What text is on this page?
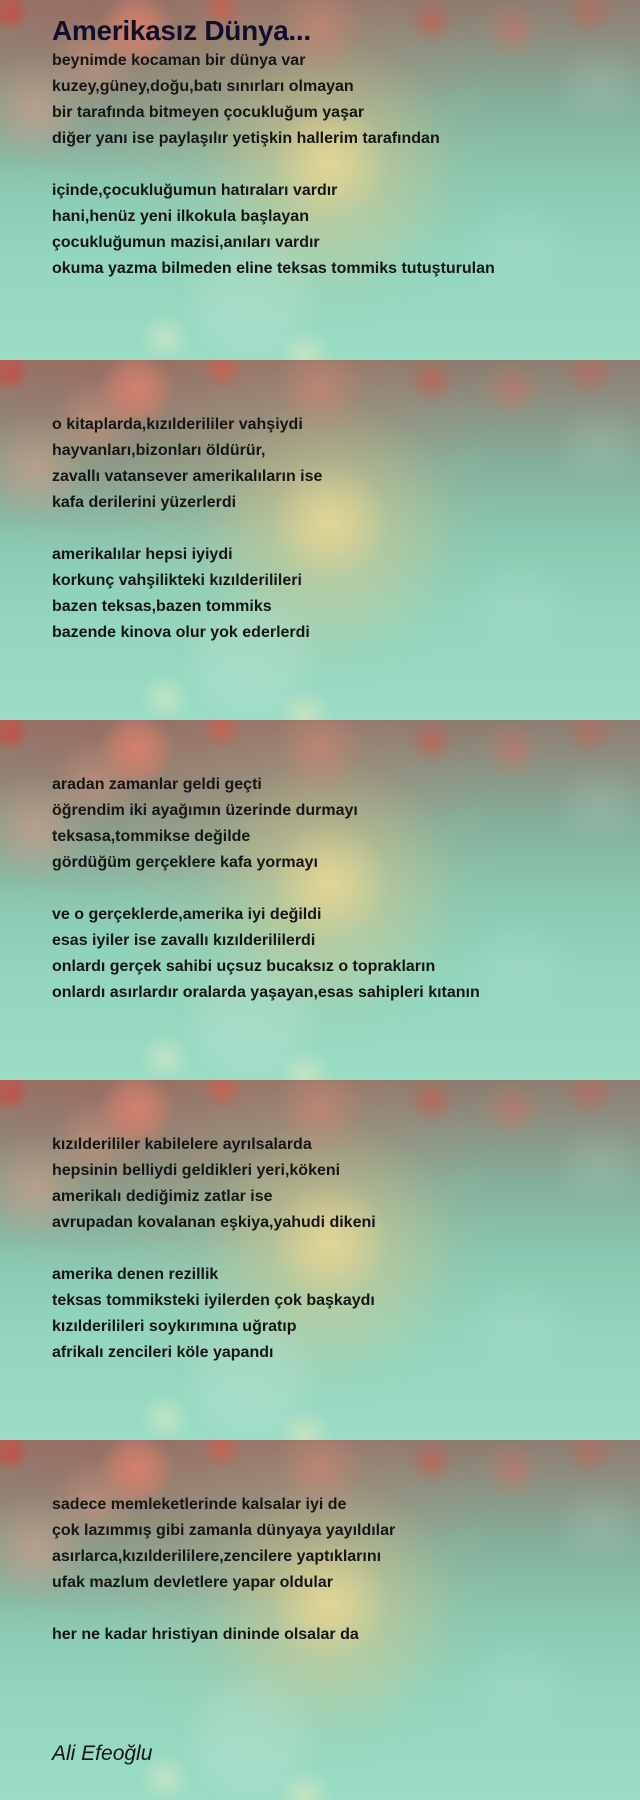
Amerikasız Dünya...

beynimde kocaman bir dünya var
kuzey,güney,doğu,batı sınırları olmayan
bir tarafında bitmeyen çocukluğum yaşar
diğer yanı ise paylaşılır yetişkin hallerim tarafından

içinde,çocukluğumun hatıraları vardır
hani,henüz yeni ilkokula başlayan
çocukluğumun mazisi,anıları vardır
okuma yazma bilmeden eline teksas tommiks tutuşturulan

o kitaplarda,kızılderililer vahşiydi
hayvanları,bizonları öldürür,
zavallı vatansever amerikalıların ise
kafa derilerini yüzerlerdi

amerikalılar hepsi iyiydi
korkunç vahşilikteki kızılderilileri
bazen teksas,bazen tommiks
bazende kinova olur yok ederlerdi

aradan zamanlar geldi geçti
öğrendim iki ayağımın üzerinde durmayı
teksasa,tommikse değilde
gördüğüm gerçeklere kafa yormayı

ve o gerçeklerde,amerika iyi değildi
esas iyiler ise zavallı kızılderililerdi
onlardı gerçek sahibi uçsuz bucaksız o toprakların
onlardı asırlardır oralarda yaşayan,esas sahipleri kıtanın

kızılderililer kabilelere ayrılsalarda
hepsinin belliydi geldikleri yeri,kökeni
amerikalı dediğimiz zatlar ise
avrupadan kovalanan eşkiya,yahudi dikeni

amerika denen rezillik
teksas tommiksteki iyilerden çok başkaydı
kızılderilileri soykırımına uğratıp
afrikalı zencileri köle yapandı

sadece memleketlerinde kalsalar iyi de
çok lazımmış gibi zamanla dünyaya yayıldılar
asırlarca,kızılderililere,zencilere yaptıklarını
ufak mazlum devletlere yapar oldular

her ne kadar hristiyan dininde olsalar da

Ali Efeoğlu
